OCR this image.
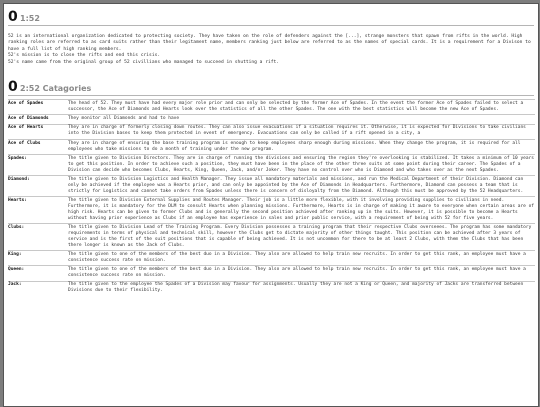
0 1:52

52 is an international organization dedicated to protecting society. They have taken on the role of defenders against the [...], strange monsters that spawn from rifts in the world. High ranking roles are referred to as card suits rather than their legitament name, members ranking just below are referred to as the names of special cards. It is a requirement for a Divison to have a full list of high ranking members.

52's mission is to close the rifts and end this crisis.

52's name came from the original group of 52 civillians who managed to succeed in shutting a rift.

0 2:52 Catagories
Ace of Spades	The head of 52. They must have had every major role prior and can only be selected by the former Ace of Spades. In the event the former Ace of Spades failed to select a successor, the Ace of Diamonds and Hearts look over the statistics of all the other Spades. The one with the best statistics will become the new Ace of Spades.
Ace of Diamonds	They monitor all Diamonds and had to have
Ace of Hearts	They are in charge of formerly closing down routes. They can also issue evacuations if a situation requires it. Otherwise, it is expected for Divisions to take civilians into the Division bases to keep them protected in event of emergency. Evacuations can only be called if a rift opened in a city, a
Ace of Clubs	They are in charge of ensuring the base training program is enough to keep employees sharp enough during missions. When they change the program, it is required for all employees who take missions to do a month of training under the new program.
Spades:	The title given to Division Directors. They are in charge of running the divisions and ensuring the region they're overlooking is stabilized. It takes a minimum of 10 years to get this position. In order to achieve such a position, they must have been in the place of the other three suits at some point during their career. The Spades of a Division can decide who becomes Clubs, Hearts, King, Queen, Jack, and/or Joker. They have no control over who is Diamond and who takes over as the next Spades.
Diamond:	The title given to Division Logistics and Health Manager. They issue all mandatory materials and missions, and run the Medical Department of their Division. Diamond can only be achieved if the employee was a Hearts prior, and can only be appointed by the Ace of Diamonds in Headquarters. Furthermore, Diamond can possess a team that is strictly for Logistics and cannot take orders from Spades unless there is concern of disloyalty from the Diamond. Although this must be approved by the 52 Headquarters.
Hearts:	The title given to Division External Supplies and Routes Manager. Their job is a little more flexible, with it involving providing supplies to civilians in need. Furthermore, it is mandatory for the DLM to consult Hearts when planning missions. Furthermore, Hearts is in charge of making it aware to everyone when certain areas are of high risk. Hearts can be given to former Clubs and is generally the second position achieved after ranking up in the suits. However, it is possible to become a Hearts without having prior experience as Clubs if an employee has experience in sales and prior public service, with a requirement of being with 52 for five years.
Clubs:	The title given to Division Lead of the Training Program. Every Division possesses a training program that their respective Clubs overseees. The program has some mandatory requirements in terms of physical and technical skill, however the Clubs get to dictate majority of other things taught. This position can be achieved after 3 years of service and is the first of the suit positions that is capable of being achieved. It is not uncommon for there to be at least 2 Clubs, with them the Clubs that has been there longer is known as the Jack of Clubs.
King:	The title given to one of the members of the best duo in a Division. They also are allowed to help train new recruits. In order to get this rank, an employee must have a consistence success rate on mission.
Queen:	The title given to one of the members of the best duo in a Division. They also are allowed to help train new recruits. In order to get this rank, an employee must have a consistence success rate on mission.
Jack:	The title given to the employee the Spades of a Division may favour for assignments. Usually they are not a King or Queen, and majority of Jacks are transferred between Divisions due to their flexibility.
